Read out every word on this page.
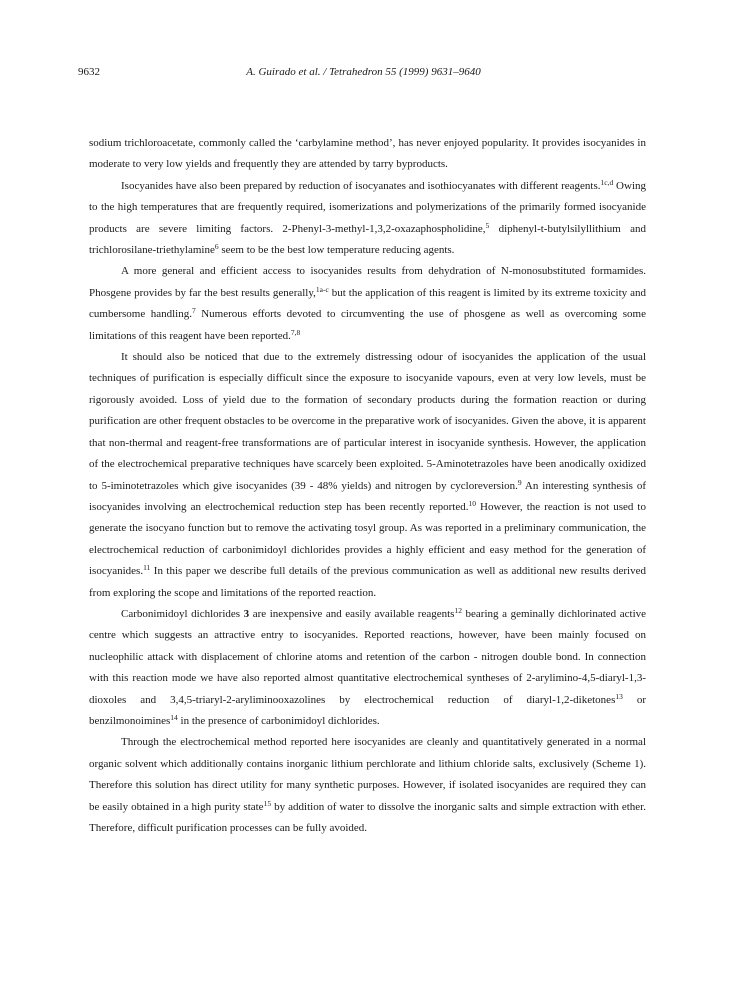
9632	A. Guirado et al. / Tetrahedron 55 (1999) 9631–9640

sodium trichloroacetate, commonly called the ‘carbylamine method’, has never enjoyed popularity. It provides isocyanides in moderate to very low yields and frequently they are attended by tarry byproducts.

Isocyanides have also been prepared by reduction of isocyanates and isothiocyanates with different reagents.$^{1c,d}$ Owing to the high temperatures that are frequently required, isomerizations and polymerizations of the primarily formed isocyanide products are severe limiting factors. 2-Phenyl-3-methyl-1,3,2-oxazaphospholidine,$^5$ diphenyl-t-butylsilyllithium and trichlorosilane-triethylamine$^6$ seem to be the best low temperature reducing agents.

A more general and efficient access to isocyanides results from dehydration of N-monosubstituted formamides. Phosgene provides by far the best results generally,$^{1a-c}$ but the application of this reagent is limited by its extreme toxicity and cumbersome handling.$^7$ Numerous efforts devoted to circumventing the use of phosgene as well as overcoming some limitations of this reagent have been reported.$^{7,8}$

It should also be noticed that due to the extremely distressing odour of isocyanides the application of the usual techniques of purification is especially difficult since the exposure to isocyanide vapours, even at very low levels, must be rigorously avoided. Loss of yield due to the formation of secondary products during the formation reaction or during purification are other frequent obstacles to be overcome in the preparative work of isocyanides. Given the above, it is apparent that non-thermal and reagent-free transformations are of particular interest in isocyanide synthesis. However, the application of the electrochemical preparative techniques have scarcely been exploited. 5-Aminotetrazoles have been anodically oxidized to 5-iminotetrazoles which give isocyanides (39 - 48% yields) and nitrogen by cycloreversion.$^9$ An interesting synthesis of isocyanides involving an electrochemical reduction step has been recently reported.$^{10}$ However, the reaction is not used to generate the isocyano function but to remove the activating tosyl group. As was reported in a preliminary communication, the electrochemical reduction of carbonimidoyl dichlorides provides a highly efficient and easy method for the generation of isocyanides.$^{11}$ In this paper we describe full details of the previous communication as well as additional new results derived from exploring the scope and limitations of the reported reaction.

Carbonimidoyl dichlorides 3 are inexpensive and easily available reagents$^{12}$ bearing a geminally dichlorinated active centre which suggests an attractive entry to isocyanides. Reported reactions, however, have been mainly focused on nucleophilic attack with displacement of chlorine atoms and retention of the carbon - nitrogen double bond. In connection with this reaction mode we have also reported almost quantitative electrochemical syntheses of 2-arylimino-4,5-diaryl-1,3-dioxoles and 3,4,5-triaryl-2-aryliminooxazolines by electrochemical reduction of diaryl-1,2-diketones$^{13}$ or benzilmonoimines$^{14}$ in the presence of carbonimidoyl dichlorides.

Through the electrochemical method reported here isocyanides are cleanly and quantitatively generated in a normal organic solvent which additionally contains inorganic lithium perchlorate and lithium chloride salts, exclusively (Scheme 1). Therefore this solution has direct utility for many synthetic purposes. However, if isolated isocyanides are required they can be easily obtained in a high purity state$^{15}$ by addition of water to dissolve the inorganic salts and simple extraction with ether. Therefore, difficult purification processes can be fully avoided.
